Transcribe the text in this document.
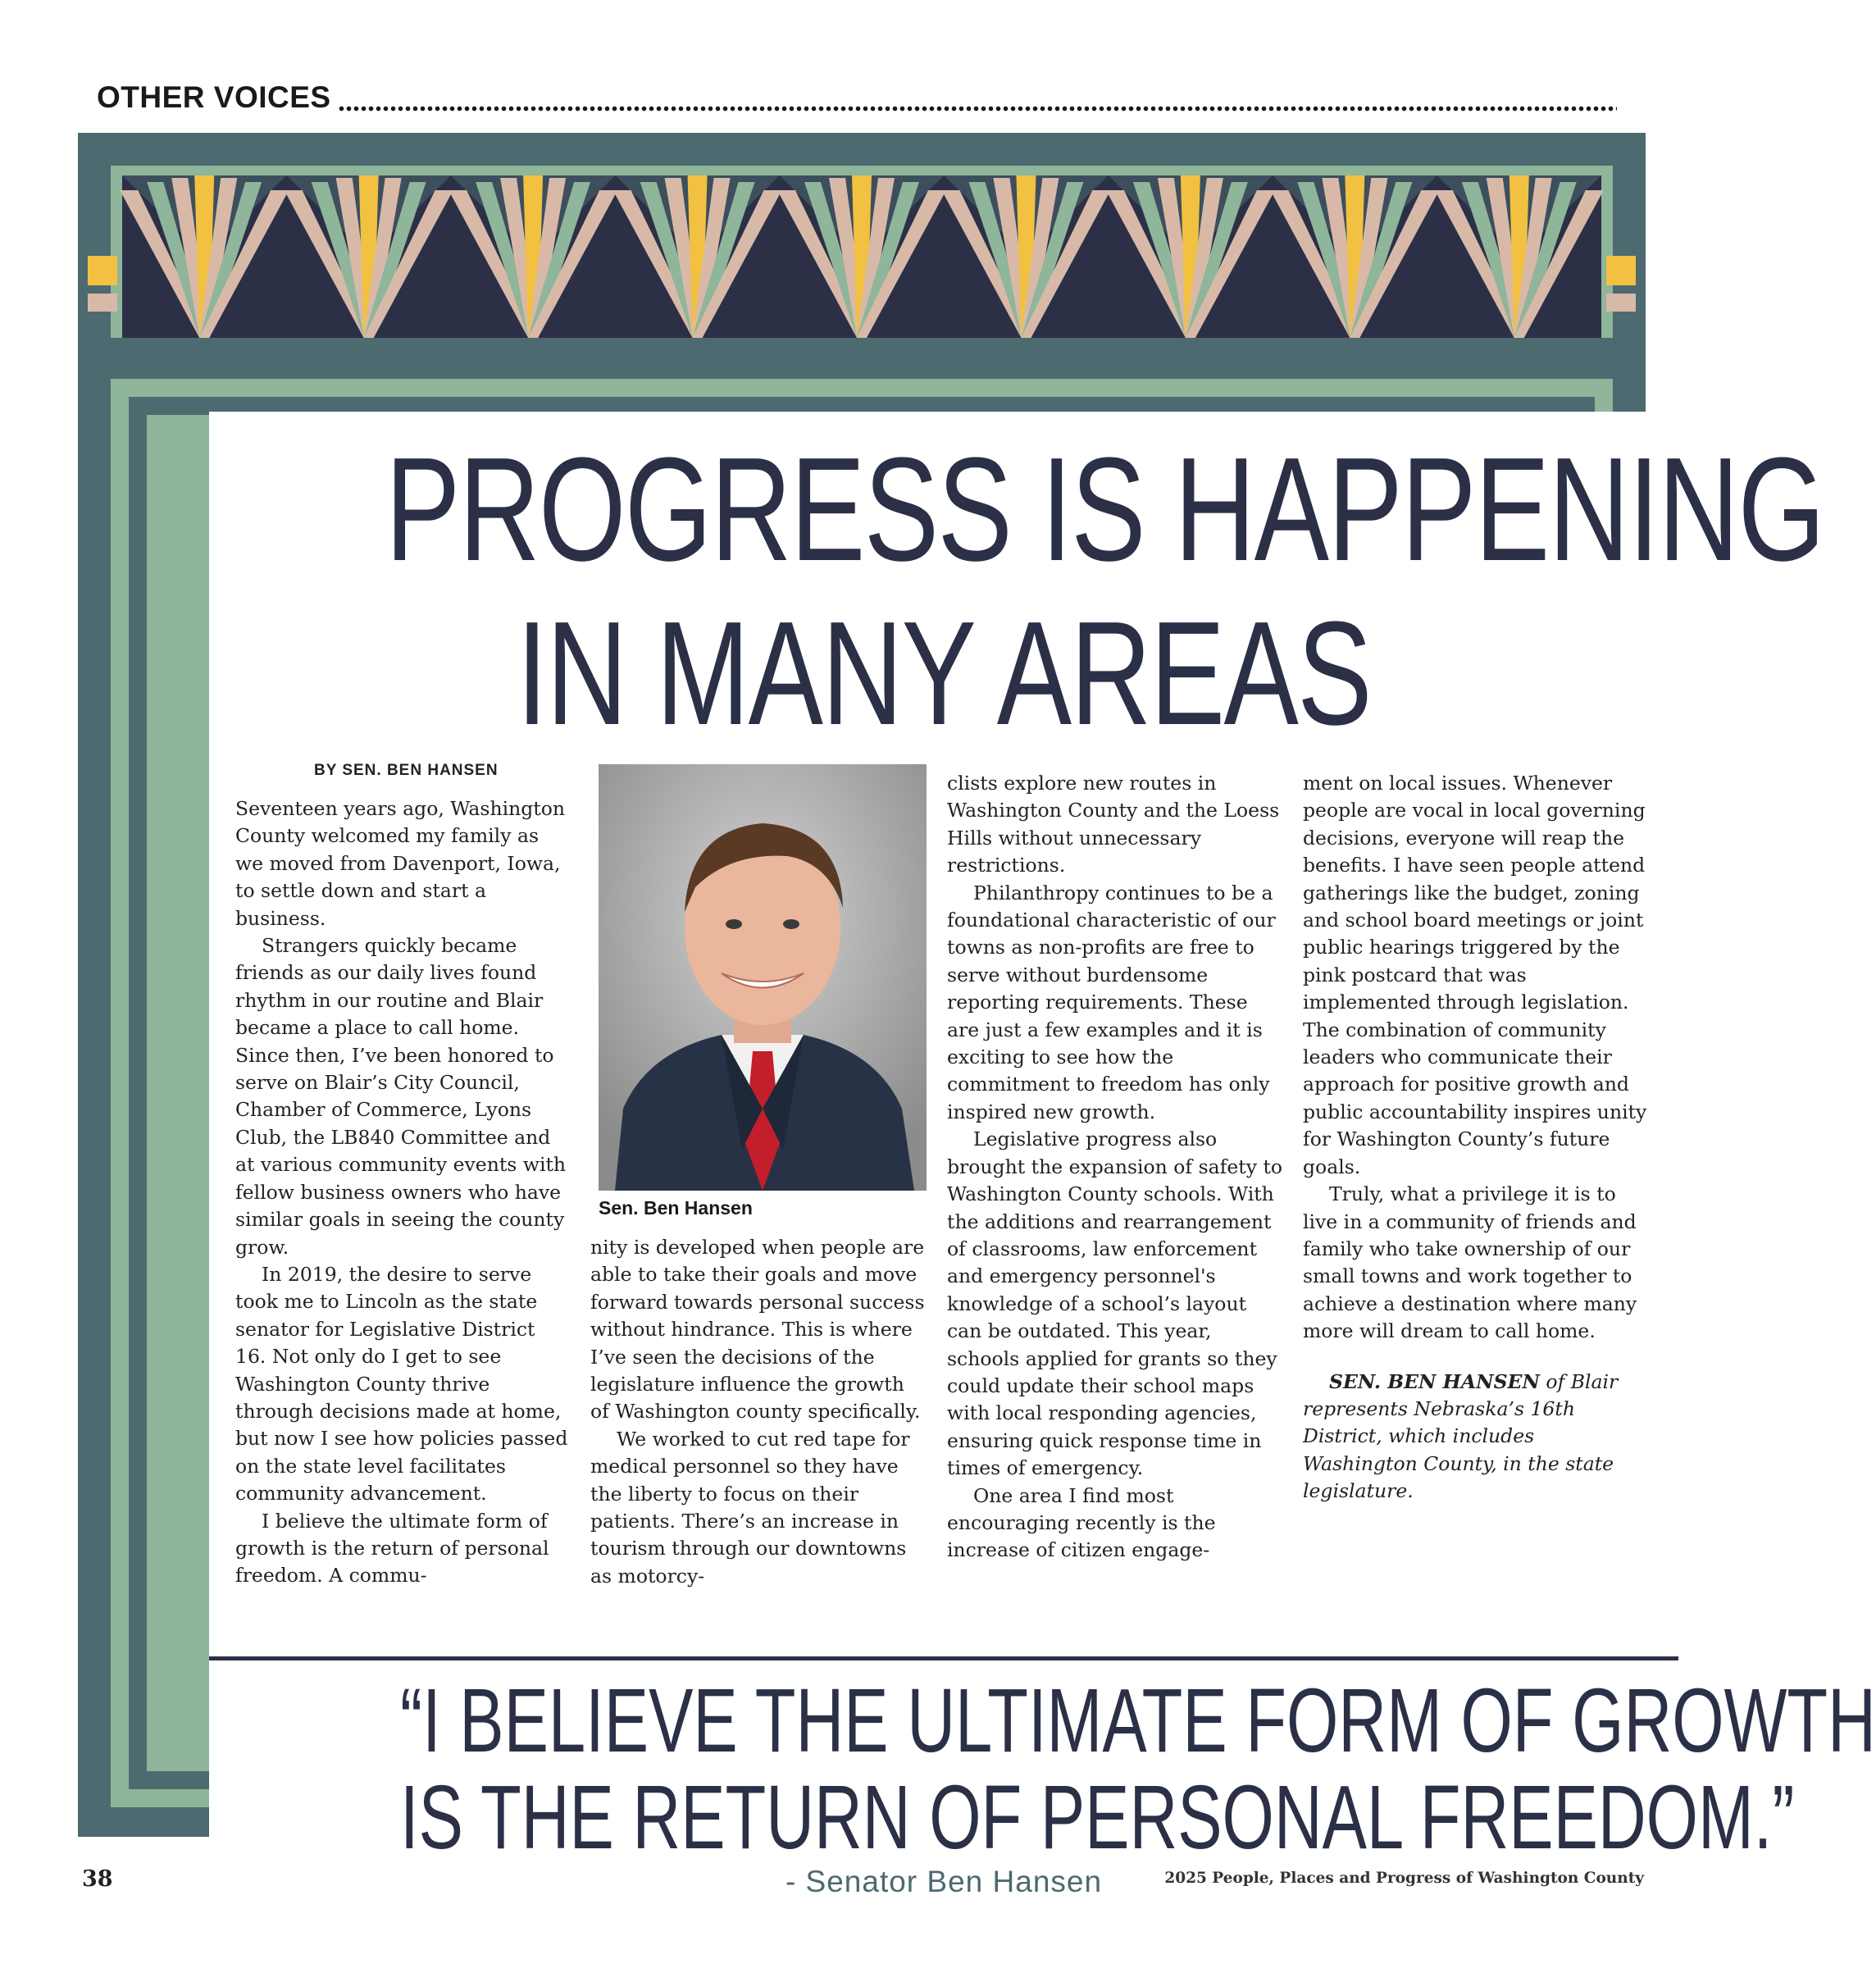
OTHER VOICES
PROGRESS IS HAPPENING
IN MANY AREAS
BY SEN. BEN HANSEN

Seventeen years ago, Washington County welcomed my family as we moved from Davenport, Iowa, to settle down and start a business.

Strangers quickly became friends as our daily lives found rhythm in our routine and Blair became a place to call home. Since then, I’ve been honored to serve on Blair’s City Council, Chamber of Commerce, Lyons Club, the LB840 Committee and at various community events with fellow business owners who have similar goals in seeing the county grow.

In 2019, the desire to serve took me to Lincoln as the state senator for Legislative District 16. Not only do I get to see Washington County thrive through decisions made at home, but now I see how policies passed on the state level facilitates community advancement.

I believe the ultimate form of growth is the return of personal freedom. A commu-

Sen. Ben Hansen

nity is developed when people are able to take their goals and move forward towards personal success without hindrance. This is where I’ve seen the decisions of the legislature influence the growth of Washington county specifically.

We worked to cut red tape for medical personnel so they have the liberty to focus on their patients. There’s an increase in tourism through our downtowns as motorcy-

clists explore new routes in Washington County and the Loess Hills without unnecessary restrictions.

Philanthropy continues to be a foundational characteristic of our towns as non-profits are free to serve without burdensome reporting requirements. These are just a few examples and it is exciting to see how the commitment to freedom has only inspired new growth.

Legislative progress also brought the expansion of safety to Washington County schools. With the additions and rearrangement of classrooms, law enforcement and emergency personnel's knowledge of a school’s layout can be outdated. This year, schools applied for grants so they could update their school maps with local responding agencies, ensuring quick response time in times of emergency.

One area I find most encouraging recently is the increase of citizen engage-

ment on local issues. Whenever people are vocal in local governing decisions, everyone will reap the benefits. I have seen people attend gatherings like the budget, zoning and school board meetings or joint public hearings triggered by the pink postcard that was implemented through legislation. The combination of community leaders who communicate their approach for positive growth and public accountability inspires unity for Washington County’s future goals.

Truly, what a privilege it is to live in a community of friends and family who take ownership of our small towns and work together to achieve a destination where many more will dream to call home.

SEN. BEN HANSEN of Blair represents Nebraska’s 16th District, which includes Washington County, in the state legislature.

“I BELIEVE THE ULTIMATE FORM OF GROWTH
IS THE RETURN OF PERSONAL FREEDOM.”
- Senator Ben Hansen
38	2025 People, Places and Progress of Washington County
